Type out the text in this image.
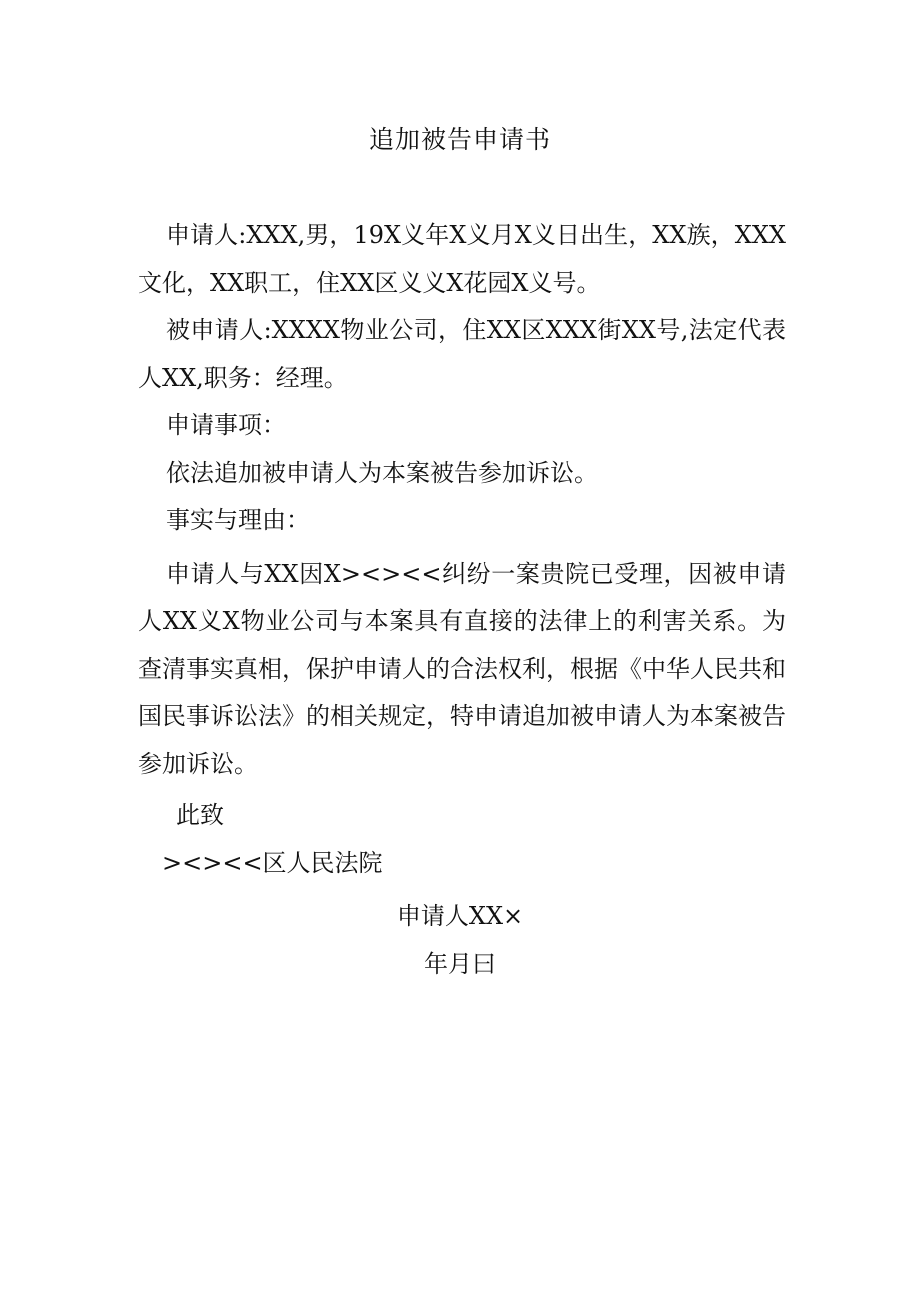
追加被告申请书

申请人:XXX,男，19X义年X义月X义日出生，XX族，XXX文化，XX职工，住XX区义义X花园X义号。

被申请人:XXXX物业公司，住XX区XXX街XX号,法定代表人XX,职务：经理。

申请事项：

依法追加被申请人为本案被告参加诉讼。

事实与理由：

申请人与XX因X><><<纠纷一案贵院已受理，因被申请人XX义X物业公司与本案具有直接的法律上的利害关系。为查清事实真相，保护申请人的合法权利，根据《中华人民共和国民事诉讼法》的相关规定，特申请追加被申请人为本案被告参加诉讼。

此致
><><<区人民法院
申请人XX×
年月曰
